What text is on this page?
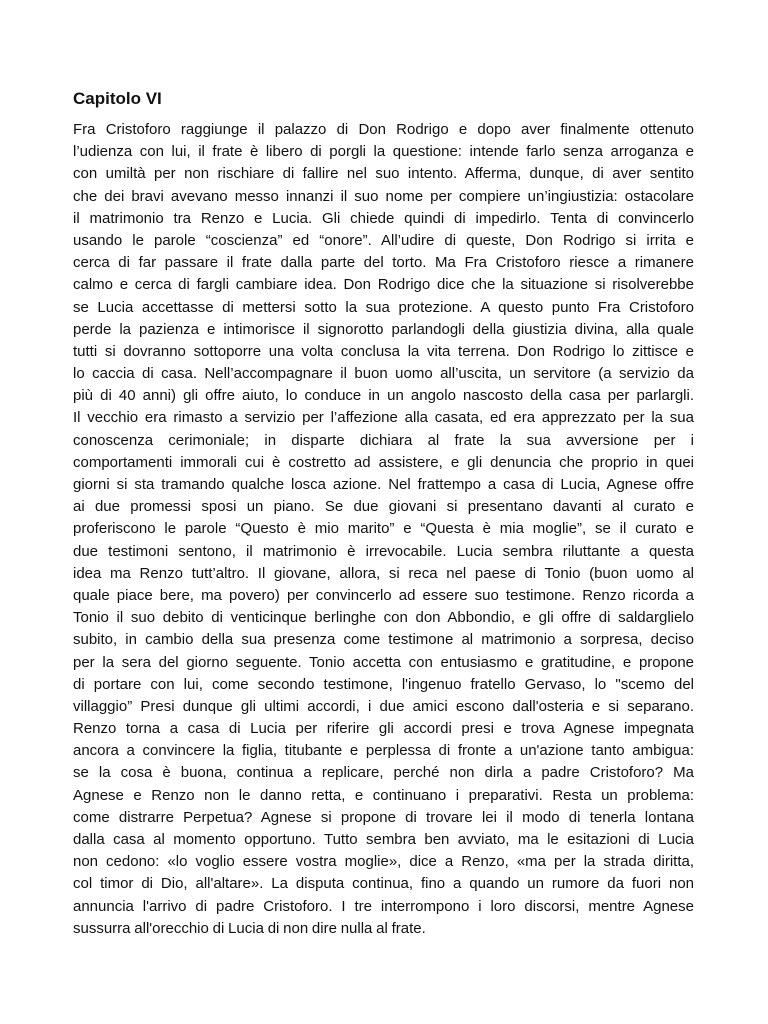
Capitolo VI
Fra Cristoforo raggiunge il palazzo di Don Rodrigo e dopo aver finalmente ottenuto
l’udienza con lui, il frate è libero di porgli la questione: intende farlo senza arroganza e
con umiltà per non rischiare di fallire nel suo intento. Afferma, dunque, di aver sentito
che dei bravi avevano messo innanzi il suo nome per compiere un’ingiustizia: ostacolare
il matrimonio tra Renzo e Lucia. Gli chiede quindi di impedirlo. Tenta di convincerlo
usando le parole “coscienza” ed “onore”. All’udire di queste, Don Rodrigo si irrita e
cerca di far passare il frate dalla parte del torto. Ma Fra Cristoforo riesce a rimanere
calmo e cerca di fargli cambiare idea. Don Rodrigo dice che la situazione si risolverebbe
se Lucia accettasse di mettersi sotto la sua protezione. A questo punto Fra Cristoforo
perde la pazienza e intimorisce il signorotto parlandogli della giustizia divina, alla quale
tutti si dovranno sottoporre una volta conclusa la vita terrena. Don Rodrigo lo zittisce e
lo caccia di casa. Nell’accompagnare il buon uomo all’uscita, un servitore (a servizio da
più di 40 anni) gli offre aiuto, lo conduce in un angolo nascosto della casa per parlargli.
Il vecchio era rimasto a servizio per l’affezione alla casata, ed era apprezzato per la sua
conoscenza cerimoniale; in disparte dichiara al frate la sua avversione per i
comportamenti immorali cui è costretto ad assistere, e gli denuncia che proprio in quei
giorni si sta tramando qualche losca azione. Nel frattempo a casa di Lucia, Agnese offre
ai due promessi sposi un piano. Se due giovani si presentano davanti al curato e
proferiscono le parole “Questo è mio marito” e “Questa è mia moglie”, se il curato e
due testimoni sentono, il matrimonio è irrevocabile. Lucia sembra riluttante a questa
idea ma Renzo tutt’altro. Il giovane, allora, si reca nel paese di Tonio (buon uomo al
quale piace bere, ma povero) per convincerlo ad essere suo testimone. Renzo ricorda a
Tonio il suo debito di venticinque berlinghe con don Abbondio, e gli offre di saldarglielo
subito, in cambio della sua presenza come testimone al matrimonio a sorpresa, deciso
per la sera del giorno seguente. Tonio accetta con entusiasmo e gratitudine, e propone
di portare con lui, come secondo testimone, l'ingenuo fratello Gervaso, lo "scemo del
villaggio” Presi dunque gli ultimi accordi, i due amici escono dall'osteria e si separano.
Renzo torna a casa di Lucia per riferire gli accordi presi e trova Agnese impegnata
ancora a convincere la figlia, titubante e perplessa di fronte a un'azione tanto ambigua:
se la cosa è buona, continua a replicare, perché non dirla a padre Cristoforo? Ma
Agnese e Renzo non le danno retta, e continuano i preparativi. Resta un problema:
come distrarre Perpetua? Agnese si propone di trovare lei il modo di tenerla lontana
dalla casa al momento opportuno. Tutto sembra ben avviato, ma le esitazioni di Lucia
non cedono: «lo voglio essere vostra moglie», dice a Renzo, «ma per la strada diritta,
col timor di Dio, all'altare». La disputa continua, fino a quando un rumore da fuori non
annuncia l'arrivo di padre Cristoforo. I tre interrompono i loro discorsi, mentre Agnese
sussurra all'orecchio di Lucia di non dire nulla al frate.
